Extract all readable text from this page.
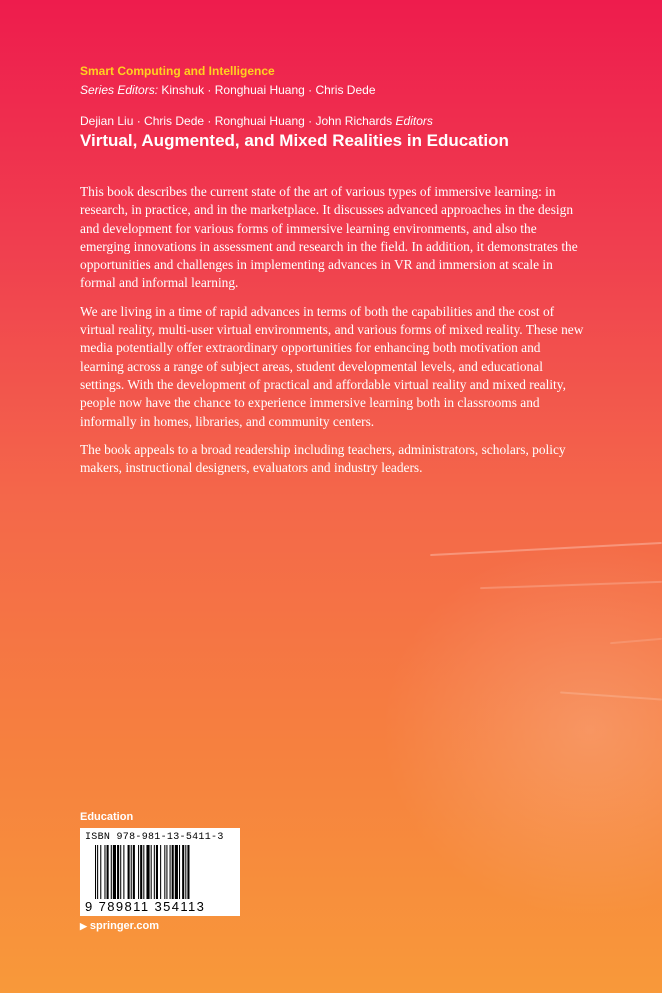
Smart Computing and Intelligence
Series Editors: Kinshuk · Ronghuai Huang · Chris Dede
Dejian Liu · Chris Dede · Ronghuai Huang · John Richards Editors
Virtual, Augmented, and Mixed Realities in Education

This book describes the current state of the art of various types of immersive learning: in research, in practice, and in the marketplace. It discusses advanced approaches in the design and development for various forms of immersive learning environments, and also the emerging innovations in assessment and research in the field. In addition, it demonstrates the opportunities and challenges in implementing advances in VR and immersion at scale in formal and informal learning.

We are living in a time of rapid advances in terms of both the capabilities and the cost of virtual reality, multi-user virtual environments, and various forms of mixed reality. These new media potentially offer extraordinary opportunities for enhancing both motivation and learning across a range of subject areas, student developmental levels, and educational settings. With the development of practical and affordable virtual reality and mixed reality, people now have the chance to experience immersive learning both in classrooms and informally in homes, libraries, and community centers.

The book appeals to a broad readership including teachers, administrators, scholars, policy makers, instructional designers, evaluators and industry leaders.

Education
ISBN 978-981-13-5411-3
9 789811 354113
▶ springer.com
